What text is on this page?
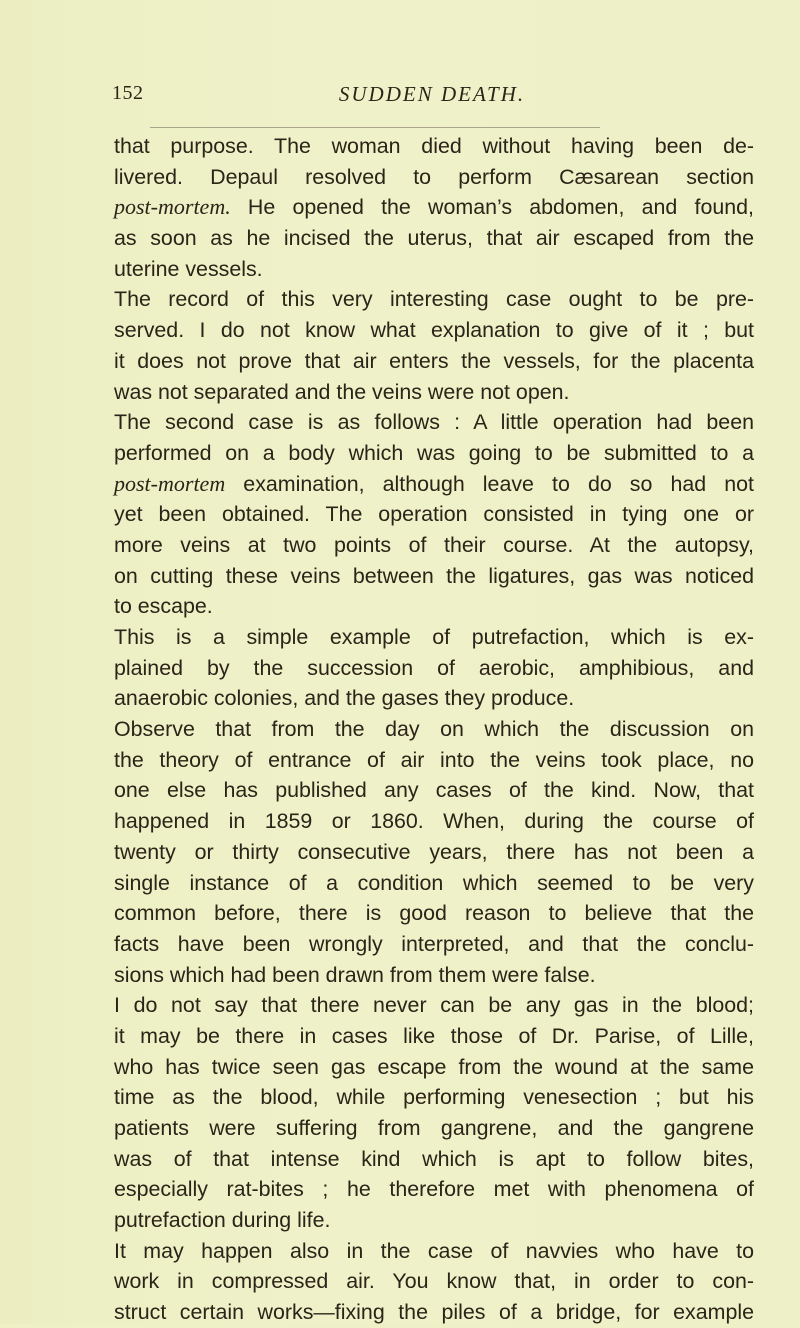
152	SUDDEN DEATH.
that purpose. The woman died without having been de-
livered. Depaul resolved to perform Cæsarean section
post-mortem. He opened the woman’s abdomen, and found,
as soon as he incised the uterus, that air escaped from the
uterine vessels.
The record of this very interesting case ought to be pre-
served. I do not know what explanation to give of it ; but
it does not prove that air enters the vessels, for the placenta
was not separated and the veins were not open.
The second case is as follows : A little operation had been
performed on a body which was going to be submitted to a
post-mortem examination, although leave to do so had not
yet been obtained. The operation consisted in tying one or
more veins at two points of their course. At the autopsy,
on cutting these veins between the ligatures, gas was noticed
to escape.
This is a simple example of putrefaction, which is ex-
plained by the succession of aerobic, amphibious, and
anaerobic colonies, and the gases they produce.
Observe that from the day on which the discussion on
the theory of entrance of air into the veins took place, no
one else has published any cases of the kind. Now, that
happened in 1859 or 1860. When, during the course of
twenty or thirty consecutive years, there has not been a
single instance of a condition which seemed to be very
common before, there is good reason to believe that the
facts have been wrongly interpreted, and that the conclu-
sions which had been drawn from them were false.
I do not say that there never can be any gas in the blood;
it may be there in cases like those of Dr. Parise, of Lille,
who has twice seen gas escape from the wound at the same
time as the blood, while performing venesection ; but his
patients were suffering from gangrene, and the gangrene
was of that intense kind which is apt to follow bites,
especially rat-bites ; he therefore met with phenomena of
putrefaction during life.
It may happen also in the case of navvies who have to
work in compressed air. You know that, in order to con-
struct certain works—fixing the piles of a bridge, for example
